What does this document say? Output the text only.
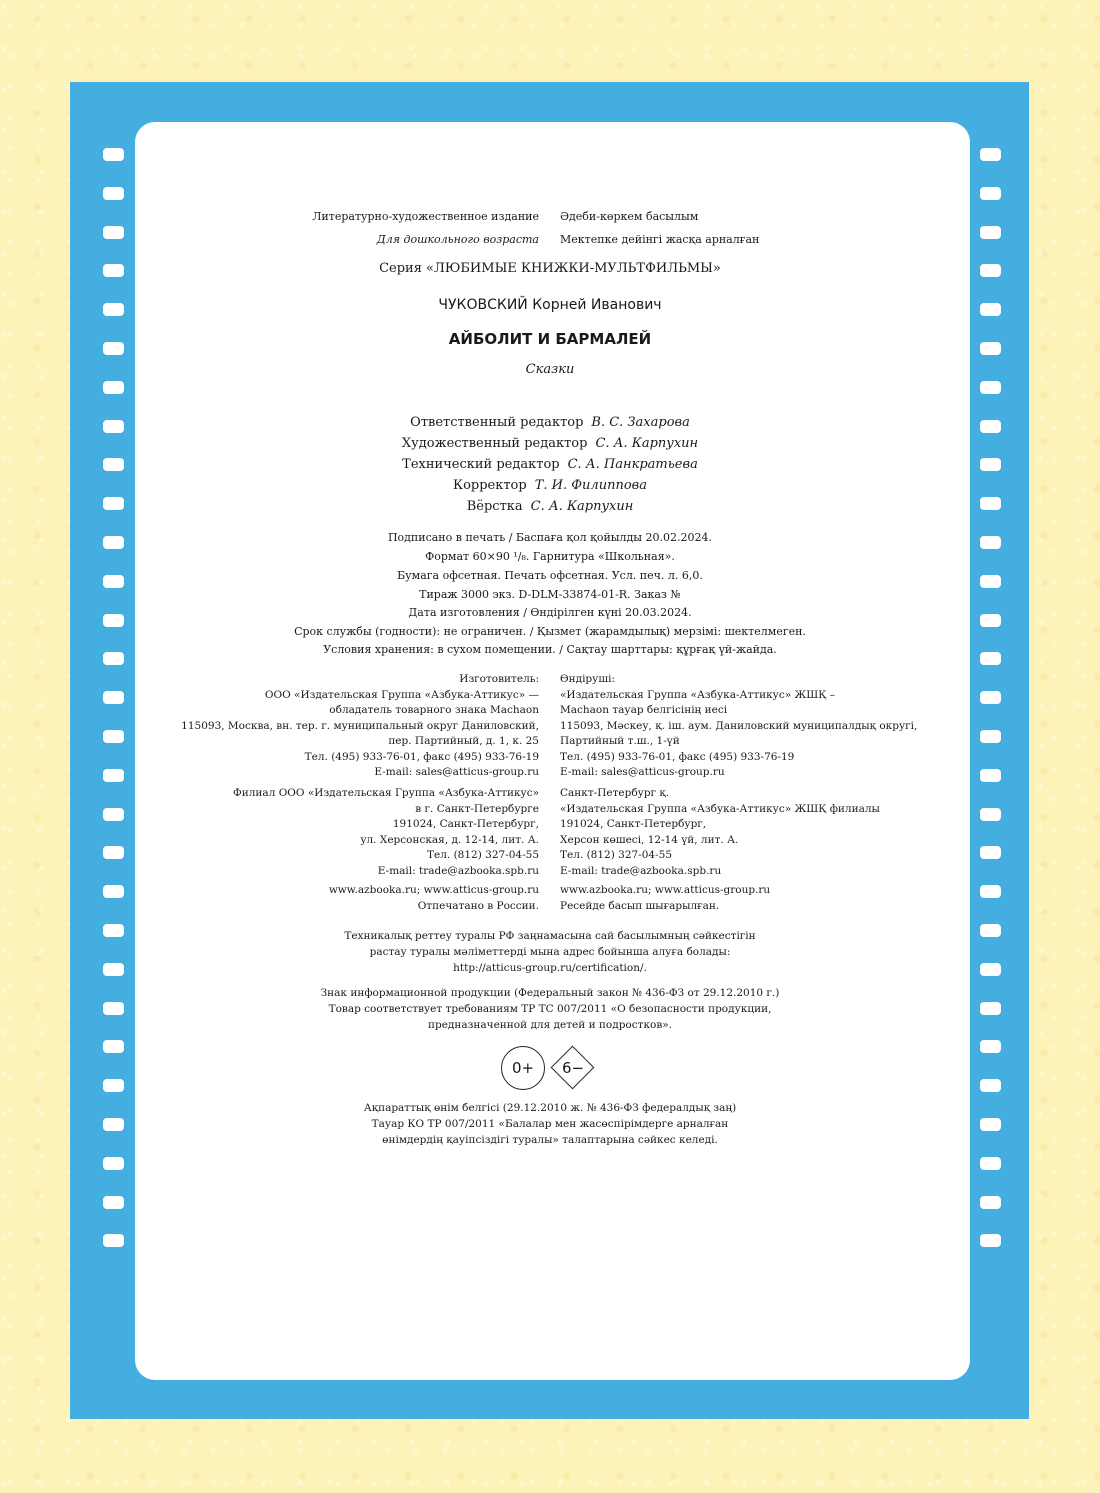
Литературно-художественное издание
Для дошкольного возраста
Әдеби-көркем басылым
Мектепке дейінгі жасқа арналған
Серия «ЛЮБИМЫЕ КНИЖКИ-МУЛЬТФИЛЬМЫ»
ЧУКОВСКИЙ Корней Иванович
АЙБОЛИТ И БАРМАЛЕЙ
Сказки
Ответственный редактор В. С. Захарова
Художественный редактор С. А. Карпухин
Технический редактор С. А. Панкратьева
Корректор Т. И. Филиппова
Вёрстка С. А. Карпухин
Подписано в печать / Баспаға қол қойылды 20.02.2024.
Формат 60×90 ¹/₈. Гарнитура «Школьная».
Бумага офсетная. Печать офсетная. Усл. печ. л. 6,0.
Тираж 3000 экз. D-DLM-33874-01-R. Заказ №
Дата изготовления / Өндірілген күні 20.03.2024.
Срок службы (годности): не ограничен. / Қызмет (жарамдылық) мерзімі: шектелмеген.
Условия хранения: в сухом помещении. / Сақтау шарттары: құрғақ үй-жайда.
Изготовитель:
ООО «Издательская Группа «Азбука-Аттикус» —
обладатель товарного знака Machaon
115093, Москва, вн. тер. г. муниципальный округ Даниловский,
пер. Партийный, д. 1, к. 25
Тел. (495) 933-76-01, факс (495) 933-76-19
E-mail: sales@atticus-group.ru
Өндіруші:
«Издательская Группа «Азбука-Аттикус» ЖШҚ –
Machaon тауар белгісінің иесі
115093, Мәскеу, қ. іш. аум. Даниловский муниципалдық округі,
Партийный т.ш., 1-үй
Тел. (495) 933-76-01, факс (495) 933-76-19
E-mail: sales@atticus-group.ru
Филиал ООО «Издательская Группа «Азбука-Аттикус»
в г. Санкт-Петербурге
191024, Санкт-Петербург,
ул. Херсонская, д. 12-14, лит. А.
Тел. (812) 327-04-55
E-mail: trade@azbooka.spb.ru
Санкт-Петербург қ.
«Издательская Группа «Азбука-Аттикус» ЖШҚ филиалы
191024, Санкт-Петербург,
Херсон көшесі, 12-14 үй, лит. А.
Тел. (812) 327-04-55
E-mail: trade@azbooka.spb.ru
www.azbooka.ru; www.atticus-group.ru
Отпечатано в России.
www.azbooka.ru; www.atticus-group.ru
Ресейде басып шығарылған.
Техникалық реттеу туралы РФ заңнамасына сай басылымның сәйкестігін
растау туралы мәліметтерді мына адрес бойынша алуға болады:
http://atticus-group.ru/certification/.
Знак информационной продукции (Федеральный закон № 436-ФЗ от 29.12.2010 г.)
Товар соответствует требованиям ТР ТС 007/2011 «О безопасности продукции,
предназначенной для детей и подростков».
0+	6−
Ақпараттық өнім белгісі (29.12.2010 ж. № 436-ФЗ федералдық заң)
Тауар КО ТР 007/2011 «Балалар мен жасөспірімдерге арналған
өнімдердің қауіпсіздігі туралы» талаптарына сәйкес келеді.
